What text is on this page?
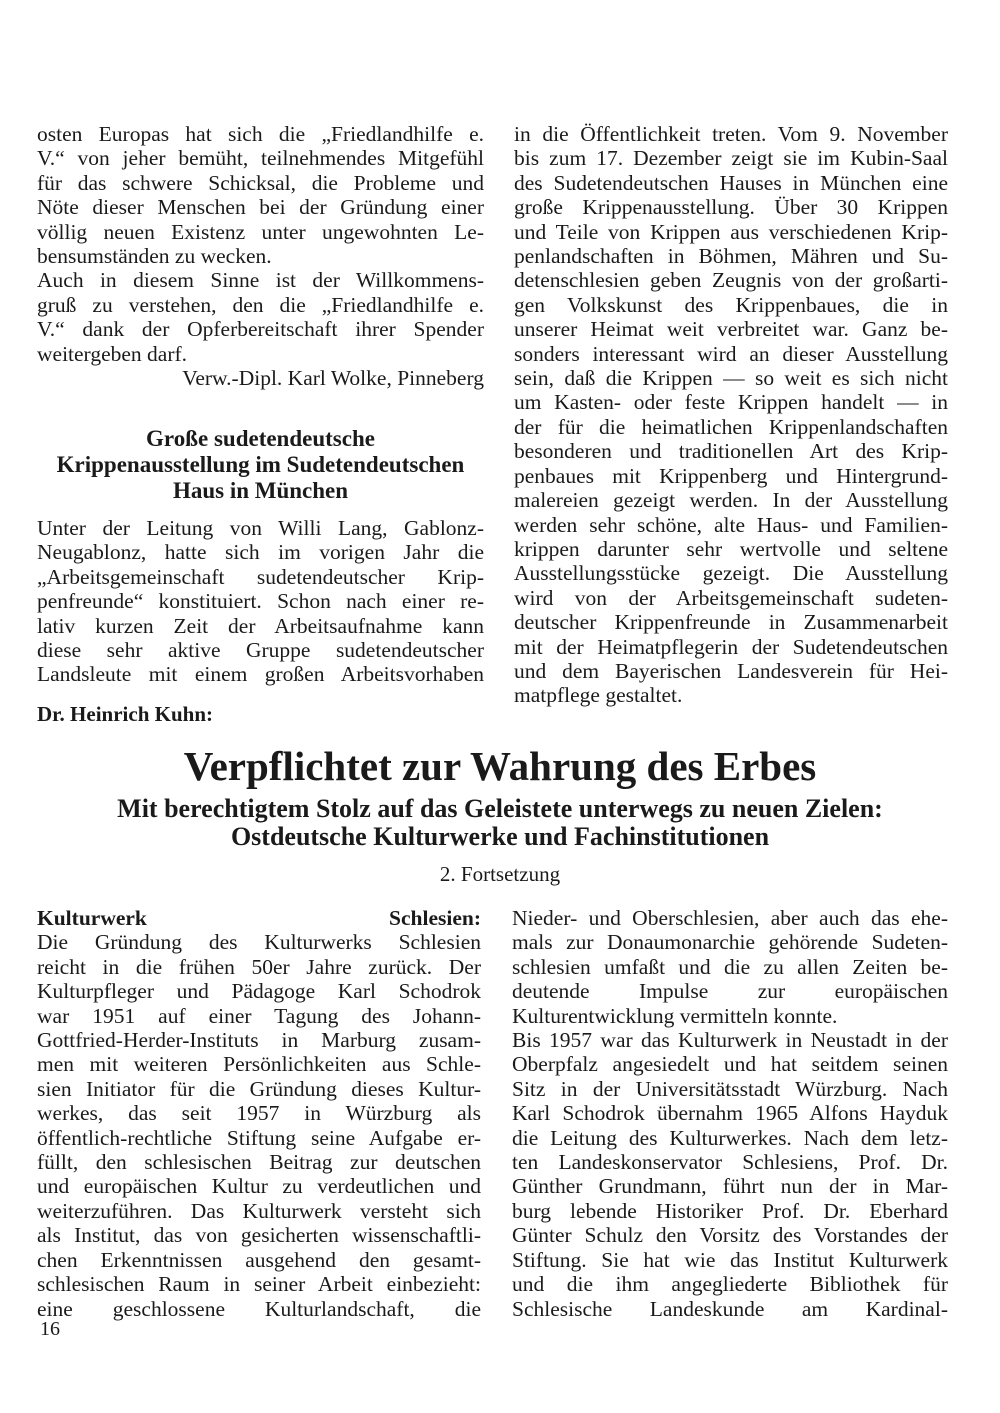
osten Europas hat sich die „Friedlandhilfe e.
V.“ von jeher bemüht, teilnehmendes Mitgefühl
für das schwere Schicksal, die Probleme und
Nöte dieser Menschen bei der Gründung einer
völlig neuen Existenz unter ungewohnten Le-
bensumständen zu wecken.
Auch in diesem Sinne ist der Willkommens-
gruß zu verstehen, den die „Friedlandhilfe e.
V.“ dank der Opferbereitschaft ihrer Spender
weitergeben darf.
Verw.-Dipl. Karl Wolke, Pinneberg
Große sudetendeutsche
Krippenausstellung im Sudetendeutschen
Haus in München
Unter der Leitung von Willi Lang, Gablonz-
Neugablonz, hatte sich im vorigen Jahr die
„Arbeitsgemeinschaft sudetendeutscher Krip-
penfreunde“ konstituiert. Schon nach einer re-
lativ kurzen Zeit der Arbeitsaufnahme kann
diese sehr aktive Gruppe sudetendeutscher
Landsleute mit einem großen Arbeitsvorhaben
in die Öffentlichkeit treten. Vom 9. November
bis zum 17. Dezember zeigt sie im Kubin-Saal
des Sudetendeutschen Hauses in München eine
große Krippenausstellung. Über 30 Krippen
und Teile von Krippen aus verschiedenen Krip-
penlandschaften in Böhmen, Mähren und Su-
detenschlesien geben Zeugnis von der großarti-
gen Volkskunst des Krippenbaues, die in
unserer Heimat weit verbreitet war. Ganz be-
sonders interessant wird an dieser Ausstellung
sein, daß die Krippen — so weit es sich nicht
um Kasten- oder feste Krippen handelt — in
der für die heimatlichen Krippenlandschaften
besonderen und traditionellen Art des Krip-
penbaues mit Krippenberg und Hintergrund-
malereien gezeigt werden. In der Ausstellung
werden sehr schöne, alte Haus- und Familien-
krippen darunter sehr wertvolle und seltene
Ausstellungsstücke gezeigt. Die Ausstellung
wird von der Arbeitsgemeinschaft sudeten-
deutscher Krippenfreunde in Zusammenarbeit
mit der Heimatpflegerin der Sudetendeutschen
und dem Bayerischen Landesverein für Hei-
matpflege gestaltet.
Dr. Heinrich Kuhn:
Verpflichtet zur Wahrung des Erbes
Mit berechtigtem Stolz auf das Geleistete unterwegs zu neuen Zielen:
Ostdeutsche Kulturwerke und Fachinstitutionen
2. Fortsetzung
Kulturwerk Schlesien:
Die Gründung des Kulturwerks Schlesien
reicht in die frühen 50er Jahre zurück. Der
Kulturpfleger und Pädagoge Karl Schodrok
war 1951 auf einer Tagung des Johann-
Gottfried-Herder-Instituts in Marburg zusam-
men mit weiteren Persönlichkeiten aus Schle-
sien Initiator für die Gründung dieses Kultur-
werkes, das seit 1957 in Würzburg als
öffentlich-rechtliche Stiftung seine Aufgabe er-
füllt, den schlesischen Beitrag zur deutschen
und europäischen Kultur zu verdeutlichen und
weiterzuführen. Das Kulturwerk versteht sich
als Institut, das von gesicherten wissenschaftli-
chen Erkenntnissen ausgehend den gesamt-
schlesischen Raum in seiner Arbeit einbezieht:
eine geschlossene Kulturlandschaft, die
Nieder- und Oberschlesien, aber auch das ehe-
mals zur Donaumonarchie gehörende Sudeten-
schlesien umfaßt und die zu allen Zeiten be-
deutende Impulse zur europäischen
Kulturentwicklung vermitteln konnte.
Bis 1957 war das Kulturwerk in Neustadt in der
Oberpfalz angesiedelt und hat seitdem seinen
Sitz in der Universitätsstadt Würzburg. Nach
Karl Schodrok übernahm 1965 Alfons Hayduk
die Leitung des Kulturwerkes. Nach dem letz-
ten Landeskonservator Schlesiens, Prof. Dr.
Günther Grundmann, führt nun der in Mar-
burg lebende Historiker Prof. Dr. Eberhard
Günter Schulz den Vorsitz des Vorstandes der
Stiftung. Sie hat wie das Institut Kulturwerk
und die ihm angegliederte Bibliothek für
Schlesische Landeskunde am Kardinal-
16
